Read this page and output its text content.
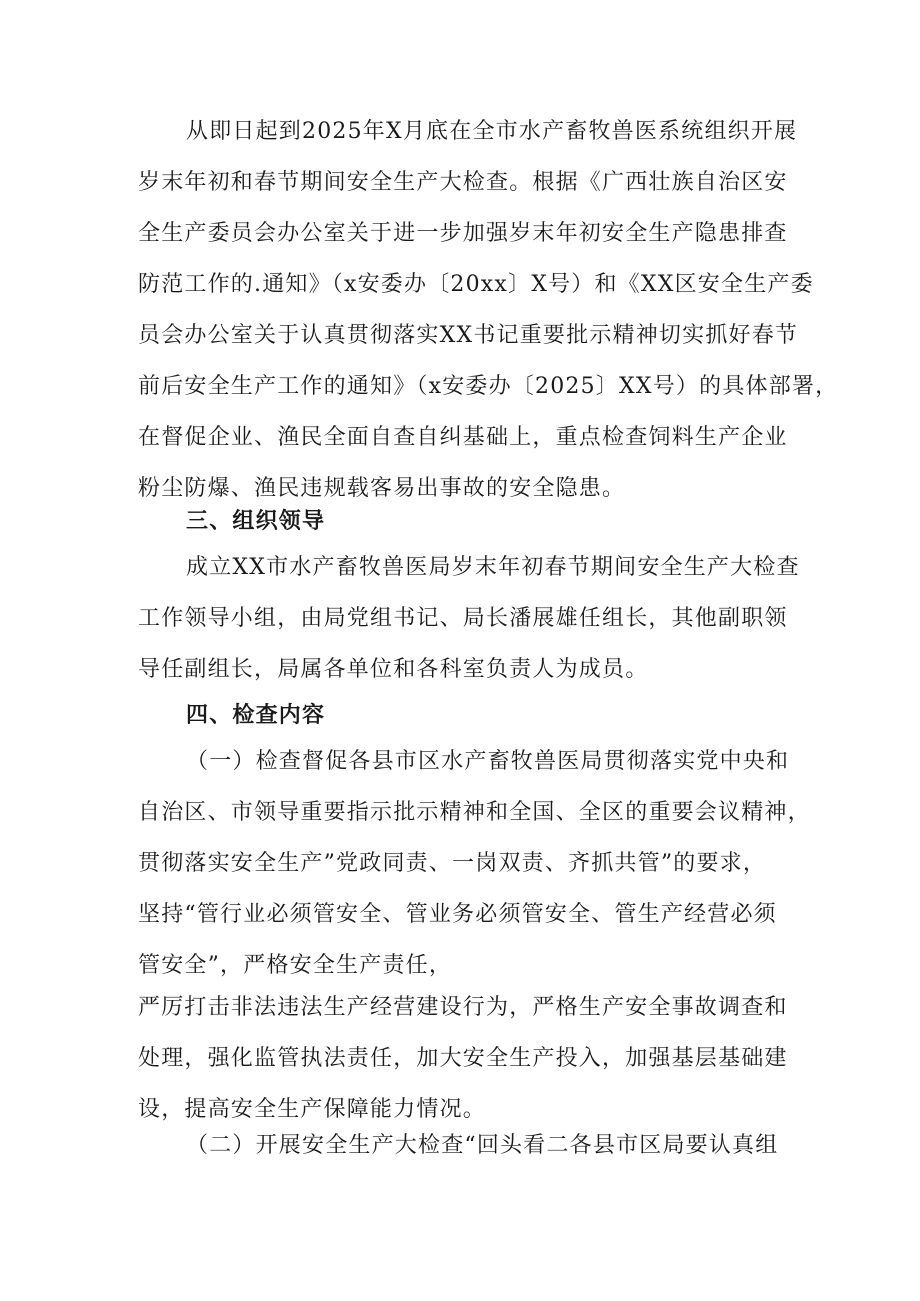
从即日起到2025年X月底在全市水产畜牧兽医系统组织开展
岁末年初和春节期间安全生产大检查。根据《广西壮族自治区安
全生产委员会办公室关于进一步加强岁末年初安全生产隐患排查
防范工作的.通知》（x安委办〔20xx〕X号）和《XX区安全生产委
员会办公室关于认真贯彻落实XX书记重要批示精神切实抓好春节
前后安全生产工作的通知》（x安委办〔2025〕XX号）的具体部署，
在督促企业、渔民全面自查自纠基础上，重点检查饲料生产企业
粉尘防爆、渔民违规载客易出事故的安全隐患。
三、组织领导
成立XX市水产畜牧兽医局岁末年初春节期间安全生产大检查
工作领导小组，由局党组书记、局长潘展雄任组长，其他副职领
导任副组长，局属各单位和各科室负责人为成员。
四、检查内容
（一）检查督促各县市区水产畜牧兽医局贯彻落实党中央和
自治区、市领导重要指示批示精神和全国、全区的重要会议精神，
贯彻落实安全生产”党政同责、一岗双责、齐抓共管”的要求，
坚持“管行业必须管安全、管业务必须管安全、管生产经营必须
管安全”，严格安全生产责任，
严厉打击非法违法生产经营建设行为，严格生产安全事故调查和
处理，强化监管执法责任，加大安全生产投入，加强基层基础建
设，提高安全生产保障能力情况。
（二）开展安全生产大检查“回头看二各县市区局要认真组
